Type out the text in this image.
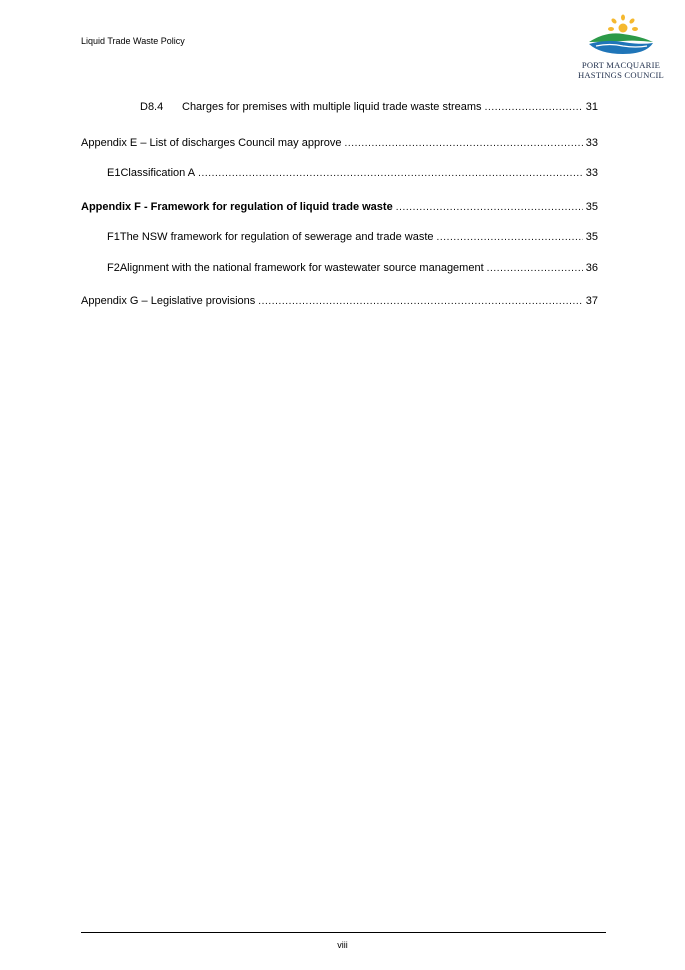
Liquid Trade Waste Policy
PORT MACQUARIE
HASTINGS COUNCIL
D8.4 Charges for premises with multiple liquid trade waste streams .....	31
Appendix E – List of discharges Council may approve .....	33
E1Classification A .....	33
Appendix F - Framework for regulation of liquid trade waste .....	35
F1The NSW framework for regulation of sewerage and trade waste .....	35
F2Alignment with the national framework for wastewater source management .....	36
Appendix G – Legislative provisions .....	37
viii
